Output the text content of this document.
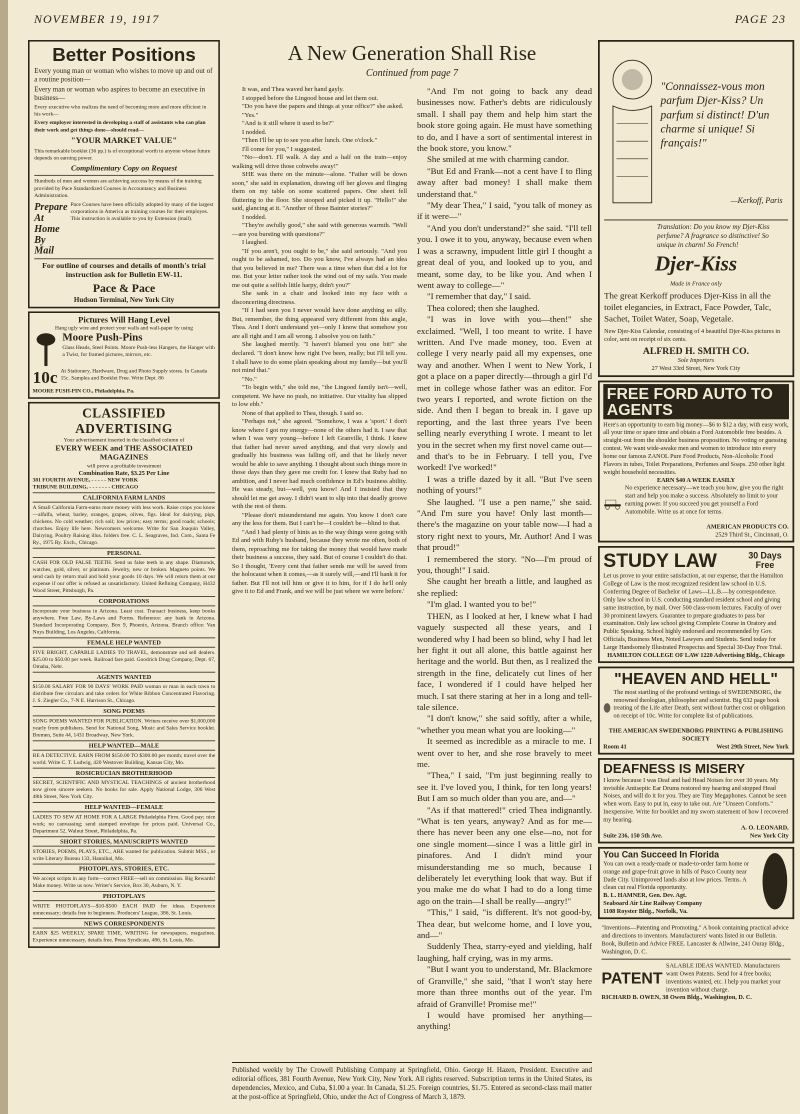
NOVEMBER 19, 1917	PAGE 23
Better Positions
Every young man or woman who wishes to move up and out of a routine position—
Every man or woman who aspires to become an executive in business—
Every executive who realizes the need of becoming more and more efficient in his work—
Every employer interested in developing a staff of assistants who can plan their work and get things done—should read—
"YOUR MARKET VALUE"
This remarkable booklet (36 pp.) is of exceptional worth to anyone whose future depends on earning power.
Complimentary Copy on Request
Hundreds of men and women are achieving success by means of the training provided by Pace Standardized Courses in Accountancy and Business Administration.
Prepare At Home By Mail
Pace Courses have been officially adopted by many of the largest corporations in America as training courses for their employes. This instruction is available to you by Extension (mail).
For outline of courses and details of month's trial instruction ask for Bulletin EW-11.
Pace & Pace
Hudson Terminal, New York City
Pictures Will Hang Level
Hang ugly wire and protect your walls and wall-paper by using
Moore Push-Pins
Glass Heads, Steel Points. Moore Push-less Hangers, the Hanger with a Twist, for framed pictures, mirrors, etc.
10c At Stationery, Hardware, Drug and Photo Supply stores. In Canada 15c. Samples and Booklet Free. Write Dept. 86
MOORE PUSH-PIN CO., Philadelphia, Pa.
CLASSIFIED ADVERTISING
Your advertisement inserted in the classified column of
EVERY WEEK and THE ASSOCIATED MAGAZINES
will prove a profitable investment
Combination Rate, $3.25 Per Line
381 FOURTH AVENUE, - - - - - NEW YORK
TRIBUNE BUILDING, - - - - - - - CHICAGO
CALIFORNIA FARM LANDS
A Small California Farm-earns more money with less work. Raise crops you know—alfalfa, wheat, barley, oranges, grapes, olives, figs. Ideal for dairying, pigs, chickens. No cold weather; rich soil; low prices; easy terms; good roads; schools; churches. Enjoy life here. Newcomers welcome. Write for San Joaquin Valley, Dairying, Poultry Raising illus. folders free. C. L. Seagraves, Ind. Com., Santa Fe Ry., 1975 Ry. Exch., Chicago.
PERSONAL
CASH FOR OLD FALSE TEETH. Send us false teeth in any shape. Diamonds, watches, gold, silver, or platinum. Jewelry, new or broken. Magneto points. We send cash by return mail and hold your goods 10 days. We will return them at our expense if our offer is refused as unsatisfactory. United Refining Company, H432 Wood Street, Pittsburgh, Pa.
CORPORATIONS
Incorporate your business in Arizona. Least cost. Transact business, keep books anywhere. Free Law, By-Laws and Forms. Reference: any bank in Arizona. Standard Incorporating Company, Box 9, Phoenix, Arizona. Branch office: Van Nuys Building, Los Angeles, California.
FEMALE HELP WANTED
FIVE BRIGHT, CAPABLE LADIES TO TRAVEL, demonstrate and sell dealers. $25.00 to $50.00 per week. Railroad fare paid. Goodrich Drug Company, Dept. 67, Omaha, Nebr.
AGENTS WANTED
$150.00 SALARY FOR 90 DAYS' WORK PAID woman or man in each town to distribute free circulars and take orders for White Ribbon Concentrated Flavoring. J. S. Ziegler Co., 7-N E. Harrison St., Chicago.
SONG POEMS
SONG POEMS WANTED FOR PUBLICATION. Writers receive over $1,000,000 yearly from publishers. Send for National Song, Music and Sales Service booklet. Bremen, Suite 44, 1431 Broadway, New York.
HELP WANTED—MALE
BE A DETECTIVE. EARN FROM $150.00 TO $300.00 per month; travel over the world. Write C. T. Ludwig, 420 Westover Building, Kansas City, Mo.
ROSICRUCIAN BROTHERHOOD
SECRET, SCIENTIFIC AND MYSTICAL TEACHINGS of ancient brotherhood now given sincere seekers. No books for sale. Apply National Lodge, 306 West 48th Street, New York City.
HELP WANTED—FEMALE
LADIES TO SEW AT HOME FOR A LARGE Philadelphia Firm. Good pay; nice work; no canvassing; send stamped envelope for prices paid. Universal Co., Department 52, Walnut Street, Philadelphia, Pa.
SHORT STORIES, MANUSCRIPTS WANTED
STORIES, POEMS, PLAYS, ETC., ARE wanted for publication. Submit MSS., or write Literary Bureau 133, Hannibal, Mo.
PHOTOPLAYS, STORIES, ETC.
We accept scripts in any form—correct FREE—sell on commission. Big Rewards! Make money. Write us now. Writer's Service, Box 30, Auburn, N. Y.
PHOTOPLAYS
WRITE PHOTOPLAYS—$10-$500 EACH PAID for ideas. Experience unnecessary; details free to beginners. Producers' League, 386, St. Louis.
NEWS CORRESPONDENTS
EARN $25 WEEKLY, SPARE TIME, WRITING for newspapers, magazines. Experience unnecessary, details free. Press Syndicate, 486, St. Louis, Mo.
A New Generation Shall Rise
Continued from page 7

It was, and Thea waved her hand gayly.

I stopped before the Lingood house and let them out.

"Do you have the papers and things at your office?" she asked.

"Yes."

"And is it still where it used to be?"

I nodded.

"Then I'll be up to see you after lunch. One o'clock."

I'll come for you," I suggested.

"No—don't. I'll walk. A day and a half on the train—enjoy walking will drive those cobwebs away!"

SHE was there on the minute—alone. "Father will be down soon," she said in explanation, drawing off her gloves and flinging them on my table on some scattered papers. One sheet fell fluttering to the floor. She stooped and picked it up. "Hello!" she said, glancing at it. "Another of those Bainter stories?"

I nodded.

"They're awfully good," she said with generous warmth. "Well—are you bursting with questions?"

I laughed.

"If you aren't, you ought to be," she said seriously. "And you ought to be ashamed, too. Do you know, I've always had an idea that you believed in me? There was a time when that did a lot for me. But your letter rather took the wind out of my sails. You made me out quite a selfish little harpy, didn't you?"

She sank in a chair and looked into my face with a disconcerting directness.

"If I had seen you I never would have done anything so silly. But, remember, the thing appeared very different from this angle, Thea. And I don't understand yet—only I know that somehow you are all right and I am all wrong. I absolve you on faith."

She laughed merrily. "I haven't blamed you one bit!" she declared. "I don't know how right I've been, really; but I'll tell you. I shall have to do some plain speaking about my family—but you'll not mind that."

"No."

"To begin with," she told me, "the Lingood family isn't—well, competent. We have no push, no initiative. Our vitality has slipped to low ebb."

None of that applied to Thea, though. I said so.

"Perhaps not," she agreed. "Somehow, I was a 'sport.' I don't know where I got my energy—none of the others had it. I saw that when I was very young—before I left Granville, I think. I knew that father had never saved anything, and that very slowly and gradually his business was falling off, and that he likely never would be able to save anything. I thought about such things more in those days than they gave me credit for. I knew that Ruby had no ambition, and I never had much confidence in Ed's business ability. He was steady, but—well, you know! And I insisted that they should let me get away. I didn't want to slip into that deadly groove with the rest of them.

"Please don't misunderstand me again. You know I don't care any the less for them. But I can't be—I couldn't be—blind to that.

"And I had plenty of hints as to the way things were going with Ed and with Ruby's husband, because they wrote me often, both of them, reproaching me for taking the money that would have made their business a success, they said. But of course I couldn't do that. So I thought, 'Every cent that father sends me will be saved from the holocaust when it comes,—as it surely will,—and I'll bank it for father. But I'll not tell him or give it to him, for if I do he'll only give it to Ed and Frank, and we will be just where we were before.'

"And I'm not going to back any dead businesses now. Father's debts are ridiculously small. I shall pay them and help him start the book store going again. He must have something to do, and I have a sort of sentimental interest in the book store, you know."

She smiled at me with charming candor.

"But Ed and Frank—not a cent have I to fling away after bad money! I shall make them understand that."

"My dear Thea," I said, "you talk of money as if it were—"

"And you don't understand?" she said. "I'll tell you. I owe it to you, anyway, because even when I was a scrawny, impudent little girl I thought a great deal of you, and looked up to you, and meant, some day, to be like you. And when I went away to college—"

"I remember that day," I said.

Thea colored; then she laughed.

"I was in love with you—then!" she exclaimed. "Well, I too meant to write. I have written. And I've made money, too. Even at college I very nearly paid all my expenses, one way and another. When I went to New York, I got a place on a paper directly—through a girl I'd met in college whose father was an editor. For two years I reported, and wrote fiction on the side. And then I began to break in. I gave up reporting, and the last three years I've been selling nearly everything I wrote. I meant to let you in the secret when my first novel came out—and that's to be in February. I tell you, I've worked! I've worked!"

I was a trifle dazed by it all. "But I've seen nothing of yours!"

She laughed. "I use a pen name," she said. "And I'm sure you have! Only last month—there's the magazine on your table now—I had a story right next to yours, Mr. Author! And I was that proud!"

I remembered the story. "No—I'm proud of you, though!" I said.

She caught her breath a little, and laughed as she replied:

"I'm glad. I wanted you to be!"

THEN, as I looked at her, I knew what I had vaguely suspected all these years, and I wondered why I had been so blind, why I had let her fight it out all alone, this battle against her heritage and the world. But then, as I realized the strength in the fine, delicately cut lines of her face, I wondered if I could have helped her much. I sat there staring at her in a long and tell-tale silence.

"I don't know," she said softly, after a while, "whether you mean what you are looking—"

It seemed as incredible as a miracle to me. I went over to her, and she rose bravely to meet me.

"Thea," I said, "I'm just beginning really to see it. I've loved you, I think, for ten long years! But I am so much older than you are, and—"

"As if that mattered!" cried Thea indignantly. "What is ten years, anyway? And as for me—there has never been any one else—no, not for one single moment—since I was a little girl in pinafores. And I didn't mind your misunderstanding me so much, because I deliberately let everything look that way. But if you make me do what I had to do a long time ago on the train—I shall be really—angry!"

"This," I said, "is different. It's not good-by, Thea dear, but welcome home, and I love you, and—"

Suddenly Thea, starry-eyed and yielding, half laughing, half crying, was in my arms.

"But I want you to understand, Mr. Blackmore of Granville," she said, "that I won't stay here more than three months out of the year. I'm afraid of Granville! Promise me!"

I would have promised her anything—anything!

Published weekly by The Crowell Publishing Company at Springfield, Ohio. George H. Hazen, President. Executive and editorial offices, 381 Fourth Avenue, New York City, New York. All rights reserved. Subscription terms in the United States, its dependencies, Mexico, and Cuba, $1.00 a year. In Canada, $1.25. Foreign countries, $1.75. Entered as second-class mail matter at the post-office at Springfield, Ohio, under the Act of Congress of March 3, 1879.
"Connaissez-vous mon parfum Djer-Kiss? Un parfum si distinct! D'un charme si unique! Si français!"
—Kerkoff, Paris
Translation: Do you know my Djer-Kiss perfume? A fragrance so distinctive! So unique in charm! So French!
Djer-Kiss
Made in France only
The great Kerkoff produces Djer-Kiss in all the toilet elegancies, in Extract, Face Powder, Talc, Sachet, Toilet Water, Soap, Vegetale.
New Djer-Kiss Calendar, consisting of 4 beautiful Djer-Kiss pictures in color, sent on receipt of six cents.
ALFRED H. SMITH CO.
Sole Importers
27 West 33rd Street, New York City
FREE FORD AUTO TO AGENTS
Here's an opportunity to earn big money—$6 to $12 a day, with easy work, all your time or spare time and obtain a Ford Automobile free besides. A straight-out from the shoulder business proposition. No voting or guessing contest. We want wide-awake men and women to introduce into every home our famous ZANOL Pure Food Products, Non-Alcoholic Food Flavors in tubes, Toilet Preparations, Perfumes and Soaps. 250 other light weight household necessities.
EARN $40 A WEEK EASILY
No experience necessary—we teach you how, give you the right start and help you make a success. Absolutely no limit to your earning power. If you succeed you get yourself a Ford Automobile. Write us at once for terms.
AMERICAN PRODUCTS CO.
2529 Third St., Cincinnati, O.
STUDY LAW	30 Days Free
Let us prove to your entire satisfaction, at our expense, that the Hamilton College of Law is the most recognized resident law school in U.S. Conferring Degree of Bachelor of Laws—LL.B.—by correspondence. Only law school in U.S. conducting standard resident school and giving same instruction, by mail. Over 500 class-room lectures. Faculty of over 30 prominent lawyers. Guarantee to prepare graduates to pass bar examination. Only law school giving Complete Course in Oratory and Public Speaking. School highly endorsed and recommended by Gov. Officials, Business Men, Noted Lawyers and Students. Send today for Large Handsomely Illustrated Prospectus and Special 30-Day Free Trial.
HAMILTON COLLEGE OF LAW 1220 Advertising Bldg., Chicago
"HEAVEN AND HELL"
The most startling of the profound writings of SWEDENBORG, the renowned theologian, philosopher and scientist. Big 632 page book treating of the Life after Death, sent without further cost or obligation on receipt of 10c. Write for complete list of publications.
THE AMERICAN SWEDENBORG PRINTING & PUBLISHING SOCIETY
Room 41	West 29th Street, New York
DEAFNESS IS MISERY
I know because I was Deaf and had Head Noises for over 30 years. My invisible Antiseptic Ear Drums restored my hearing and stopped Head Noises, and will do it for you. They are Tiny Megaphones. Cannot be seen when worn. Easy to put in, easy to take out. Are "Unseen Comforts." Inexpensive. Write for booklet and my sworn statement of how I recovered my hearing.
A. O. LEONARD,
Suite 236, 150 5th Ave.	New York City
You Can Succeed In Florida
You can own a ready-made or made-to-order farm home or orange and grape-fruit grove in hills of Pasco County near Dade City. Unimproved lands also at low prices. Terms. A clean cut real Florida opportunity.
B. L. HAMNER, Gen. Dev. Agt.
Seaboard Air Line Railway Company
1108 Royster Bldg., Norfolk, Va.
"Inventions—Patenting and Promoting." A book containing practical advice and directions to inventors. Manufacturers' wants listed in our Bulletin. Book, Bulletin and Advice FREE. Lancaster & Allwine, 241 Ouray Bldg., Washington, D. C.
PATENT
SALABLE IDEAS WANTED. Manufacturers want Owen Patents. Send for 4 free books; inventions wanted, etc. I help you market your invention without charge.
RICHARD B. OWEN, 38 Owen Bldg., Washington, D. C.
